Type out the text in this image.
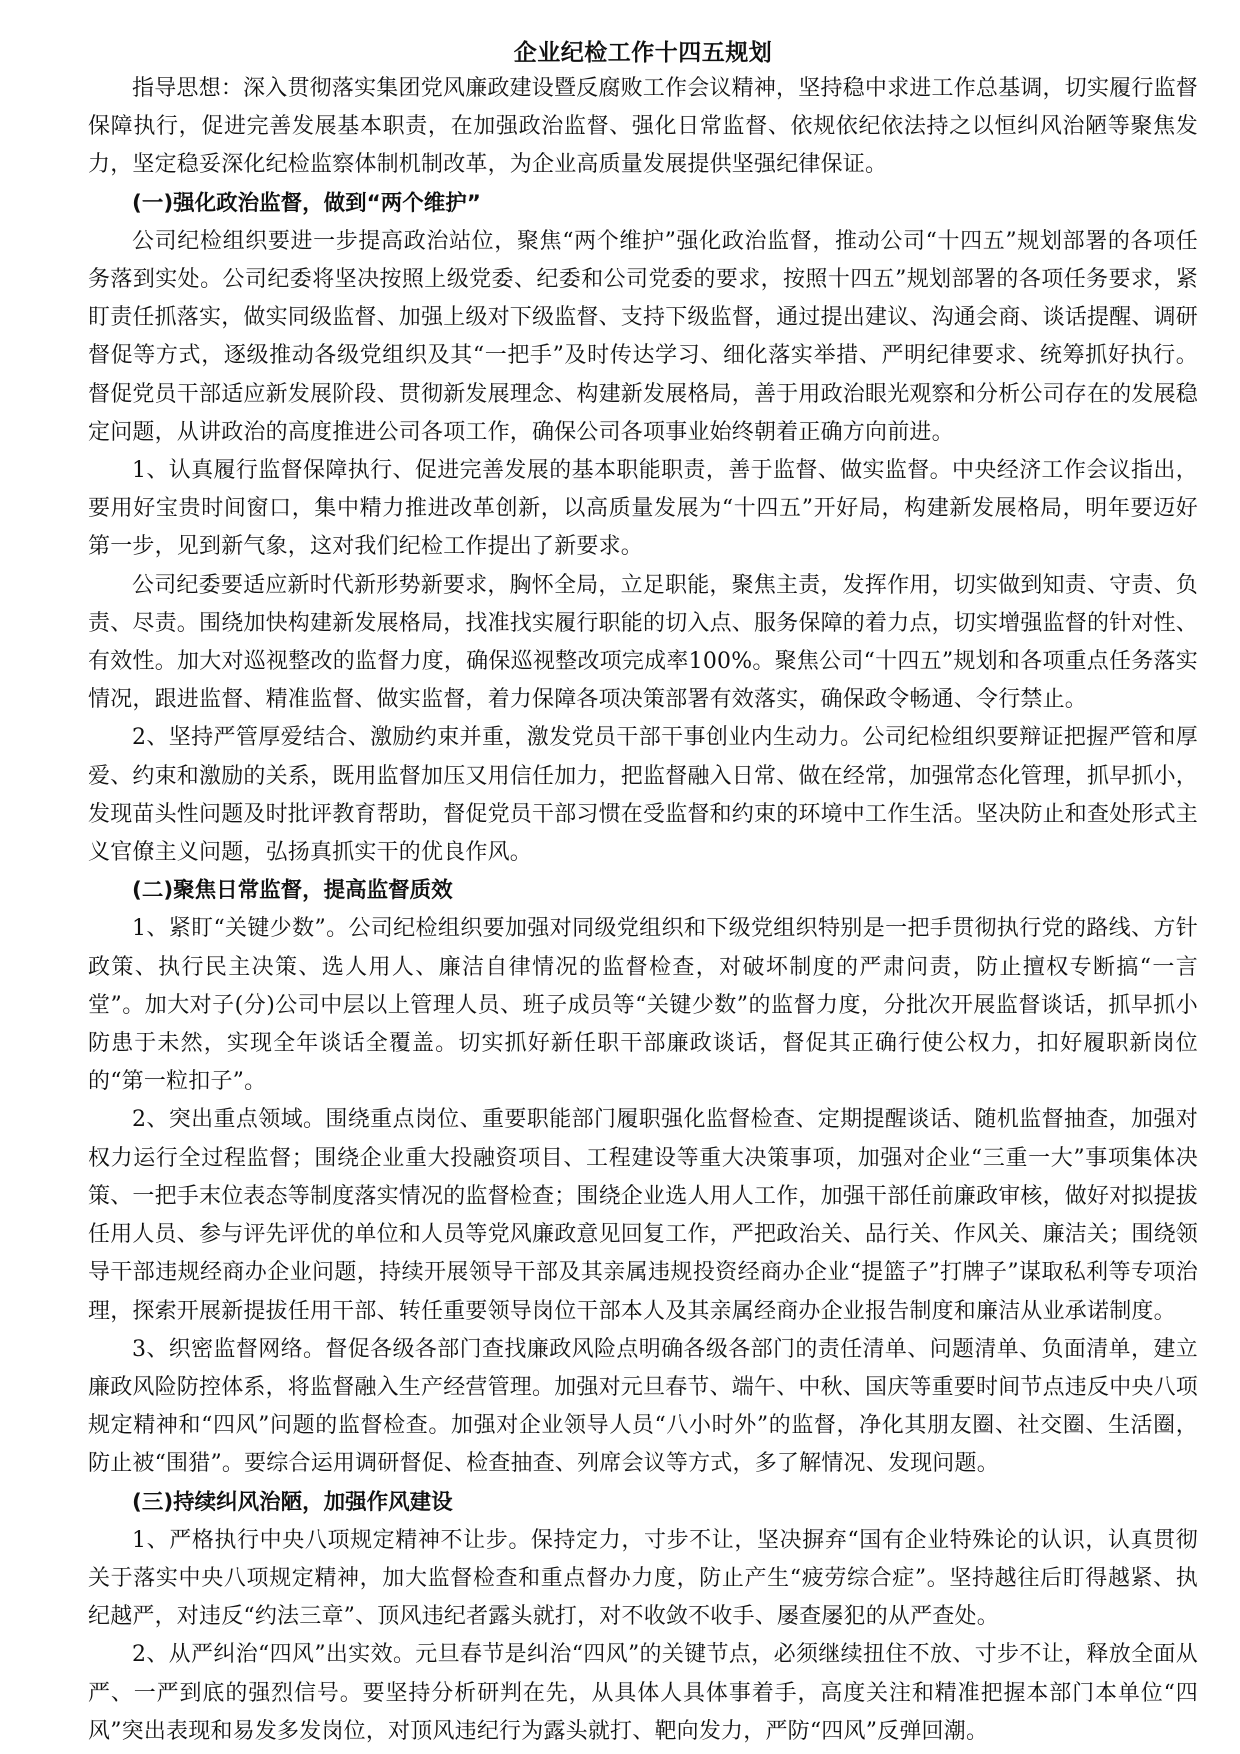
企业纪检工作十四五规划

指导思想：深入贯彻落实集团党风廉政建设暨反腐败工作会议精神，坚持稳中求进工作总基调，切实履行监督保障执行，促进完善发展基本职责，在加强政治监督、强化日常监督、依规依纪依法持之以恒纠风治陋等聚焦发力，坚定稳妥深化纪检监察体制机制改革，为企业高质量发展提供坚强纪律保证。

(一)强化政治监督，做到“两个维护”

公司纪检组织要进一步提高政治站位，聚焦“两个维护”强化政治监督，推动公司“十四五”规划部署的各项任务落到实处。公司纪委将坚决按照上级党委、纪委和公司党委的要求，按照十四五”规划部署的各项任务要求，紧盯责任抓落实，做实同级监督、加强上级对下级监督、支持下级监督，通过提出建议、沟通会商、谈话提醒、调研督促等方式，逐级推动各级党组织及其“一把手”及时传达学习、细化落实举措、严明纪律要求、统筹抓好执行。督促党员干部适应新发展阶段、贯彻新发展理念、构建新发展格局，善于用政治眼光观察和分析公司存在的发展稳定问题，从讲政治的高度推进公司各项工作，确保公司各项事业始终朝着正确方向前进。

1、认真履行监督保障执行、促进完善发展的基本职能职责，善于监督、做实监督。中央经济工作会议指出，要用好宝贵时间窗口，集中精力推进改革创新，以高质量发展为“十四五”开好局，构建新发展格局，明年要迈好第一步，见到新气象，这对我们纪检工作提出了新要求。

公司纪委要适应新时代新形势新要求，胸怀全局，立足职能，聚焦主责，发挥作用，切实做到知责、守责、负责、尽责。围绕加快构建新发展格局，找准找实履行职能的切入点、服务保障的着力点，切实增强监督的针对性、有效性。加大对巡视整改的监督力度，确保巡视整改项完成率100%。聚焦公司“十四五”规划和各项重点任务落实情况，跟进监督、精准监督、做实监督，着力保障各项决策部署有效落实，确保政令畅通、令行禁止。

2、坚持严管厚爱结合、激励约束并重，激发党员干部干事创业内生动力。公司纪检组织要辩证把握严管和厚爱、约束和激励的关系，既用监督加压又用信任加力，把监督融入日常、做在经常，加强常态化管理，抓早抓小，发现苗头性问题及时批评教育帮助，督促党员干部习惯在受监督和约束的环境中工作生活。坚决防止和查处形式主义官僚主义问题，弘扬真抓实干的优良作风。

(二)聚焦日常监督，提高监督质效

1、紧盯“关键少数”。公司纪检组织要加强对同级党组织和下级党组织特别是一把手贯彻执行党的路线、方针政策、执行民主决策、选人用人、廉洁自律情况的监督检查，对破坏制度的严肃问责，防止擅权专断搞“一言堂”。加大对子(分)公司中层以上管理人员、班子成员等“关键少数”的监督力度，分批次开展监督谈话，抓早抓小防患于未然，实现全年谈话全覆盖。切实抓好新任职干部廉政谈话，督促其正确行使公权力，扣好履职新岗位的“第一粒扣子”。

2、突出重点领域。围绕重点岗位、重要职能部门履职强化监督检查、定期提醒谈话、随机监督抽查，加强对权力运行全过程监督；围绕企业重大投融资项目、工程建设等重大决策事项，加强对企业“三重一大”事项集体决策、一把手末位表态等制度落实情况的监督检查；围绕企业选人用人工作，加强干部任前廉政审核，做好对拟提拔任用人员、参与评先评优的单位和人员等党风廉政意见回复工作，严把政治关、品行关、作风关、廉洁关；围绕领导干部违规经商办企业问题，持续开展领导干部及其亲属违规投资经商办企业“提篮子”打牌子”谋取私利等专项治理，探索开展新提拔任用干部、转任重要领导岗位干部本人及其亲属经商办企业报告制度和廉洁从业承诺制度。

3、织密监督网络。督促各级各部门查找廉政风险点明确各级各部门的责任清单、问题清单、负面清单，建立廉政风险防控体系，将监督融入生产经营管理。加强对元旦春节、端午、中秋、国庆等重要时间节点违反中央八项规定精神和“四风”问题的监督检查。加强对企业领导人员“八小时外”的监督，净化其朋友圈、社交圈、生活圈，防止被“围猎”。要综合运用调研督促、检查抽查、列席会议等方式，多了解情况、发现问题。

(三)持续纠风治陋，加强作风建设

1、严格执行中央八项规定精神不让步。保持定力，寸步不让，坚决摒弃“国有企业特殊论的认识，认真贯彻关于落实中央八项规定精神，加大监督检查和重点督办力度，防止产生“疲劳综合症”。坚持越往后盯得越紧、执纪越严，对违反“约法三章”、顶风违纪者露头就打，对不收敛不收手、屡查屡犯的从严查处。

2、从严纠治“四风”出实效。元旦春节是纠治“四风”的关键节点，必须继续扭住不放、寸步不让，释放全面从严、一严到底的强烈信号。要坚持分析研判在先，从具体人具体事着手，高度关注和精准把握本部门本单位“四风”突出表现和易发多发岗位，对顶风违纪行为露头就打、靶向发力，严防“四风”反弹回潮。
